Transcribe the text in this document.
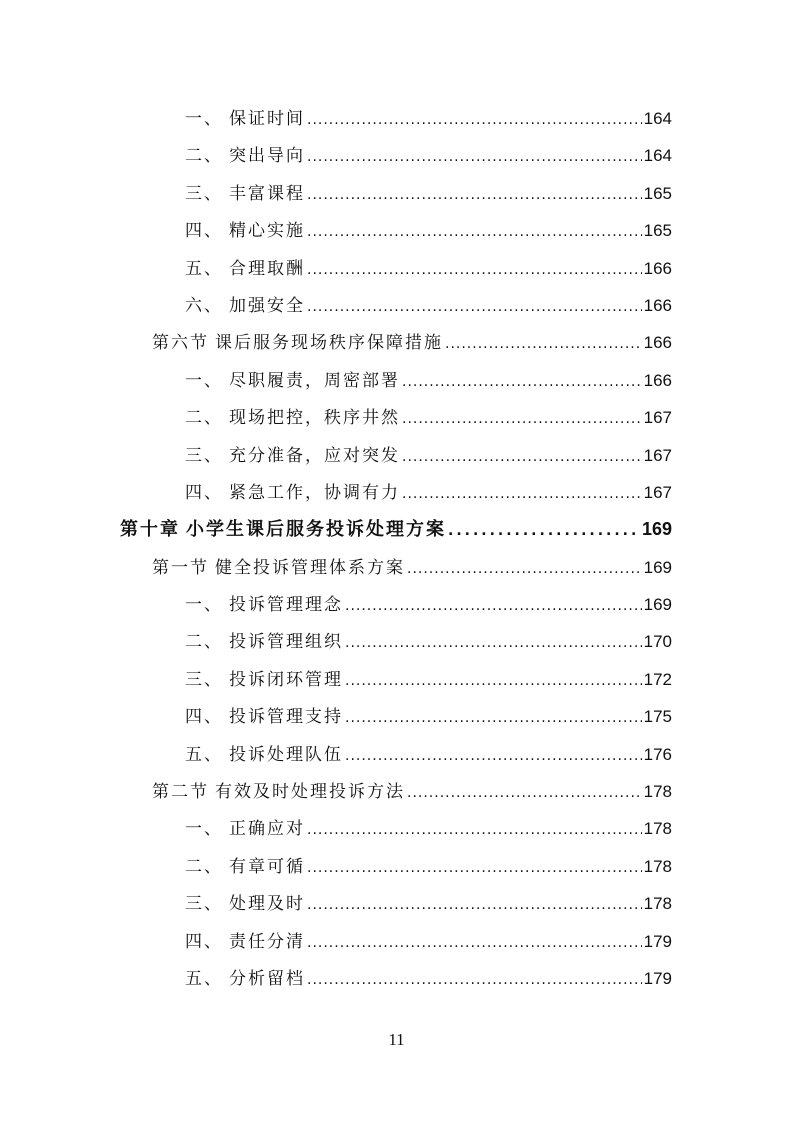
一、 保证时间 .....	164
二、 突出导向 .....	164
三、 丰富课程 .....	165
四、 精心实施 .....	165
五、 合理取酬 .....	166
六、 加强安全 .....	166
第六节 课后服务现场秩序保障措施 .....	166
一、 尽职履责，周密部署 .....	166
二、 现场把控，秩序井然 .....	167
三、 充分准备，应对突发 .....	167
四、 紧急工作，协调有力 .....	167
第十章 小学生课后服务投诉处理方案 .....	169
第一节 健全投诉管理体系方案 .....	169
一、 投诉管理理念 .....	169
二、 投诉管理组织 .....	170
三、 投诉闭环管理 .....	172
四、 投诉管理支持 .....	175
五、 投诉处理队伍 .....	176
第二节 有效及时处理投诉方法 .....	178
一、 正确应对 .....	178
二、 有章可循 .....	178
三、 处理及时 .....	178
四、 责任分清 .....	179
五、 分析留档 .....	179
11
